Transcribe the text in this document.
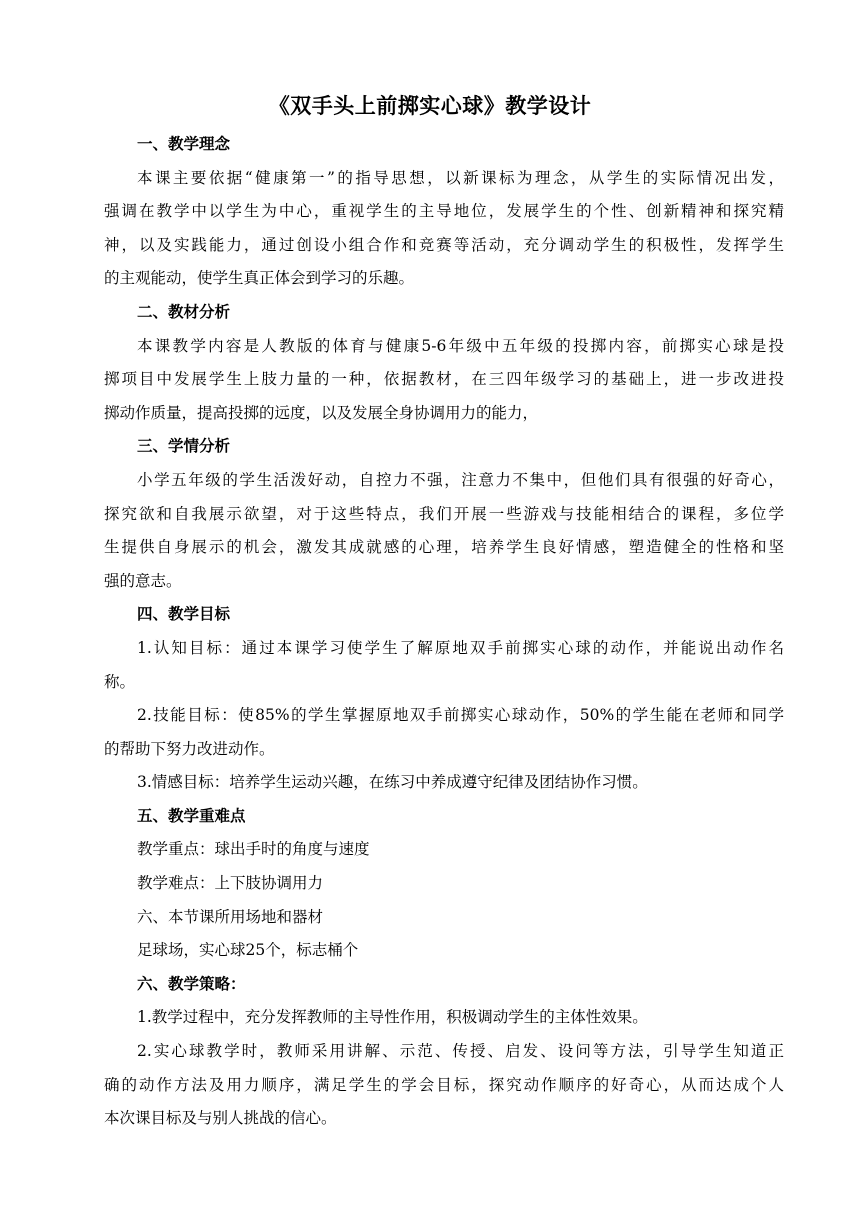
《双手头上前掷实心球》教学设计
一、教学理念
本课主要依据“健康第一”的指导思想，以新课标为理念，从学生的实际情况出发，
强调在教学中以学生为中心，重视学生的主导地位，发展学生的个性、创新精神和探究精
神，以及实践能力，通过创设小组合作和竞赛等活动，充分调动学生的积极性，发挥学生
的主观能动，使学生真正体会到学习的乐趣。
二、教材分析
本课教学内容是人教版的体育与健康5-6年级中五年级的投掷内容，前掷实心球是投
掷项目中发展学生上肢力量的一种，依据教材，在三四年级学习的基础上，进一步改进投
掷动作质量，提高投掷的远度，以及发展全身协调用力的能力，
三、学情分析
小学五年级的学生活泼好动，自控力不强，注意力不集中，但他们具有很强的好奇心，
探究欲和自我展示欲望，对于这些特点，我们开展一些游戏与技能相结合的课程，多位学
生提供自身展示的机会，激发其成就感的心理，培养学生良好情感，塑造健全的性格和坚
强的意志。
四、教学目标
1.认知目标：通过本课学习使学生了解原地双手前掷实心球的动作，并能说出动作名
称。
2.技能目标：使85%的学生掌握原地双手前掷实心球动作，50%的学生能在老师和同学
的帮助下努力改进动作。
3.情感目标：培养学生运动兴趣，在练习中养成遵守纪律及团结协作习惯。
五、教学重难点
教学重点：球出手时的角度与速度
教学难点：上下肢协调用力
六、本节课所用场地和器材
足球场，实心球25个，标志桶个
六、教学策略：
1.教学过程中，充分发挥教师的主导性作用，积极调动学生的主体性效果。
2.实心球教学时，教师采用讲解、示范、传授、启发、设问等方法，引导学生知道正
确的动作方法及用力顺序，满足学生的学会目标，探究动作顺序的好奇心，从而达成个人
本次课目标及与别人挑战的信心。
